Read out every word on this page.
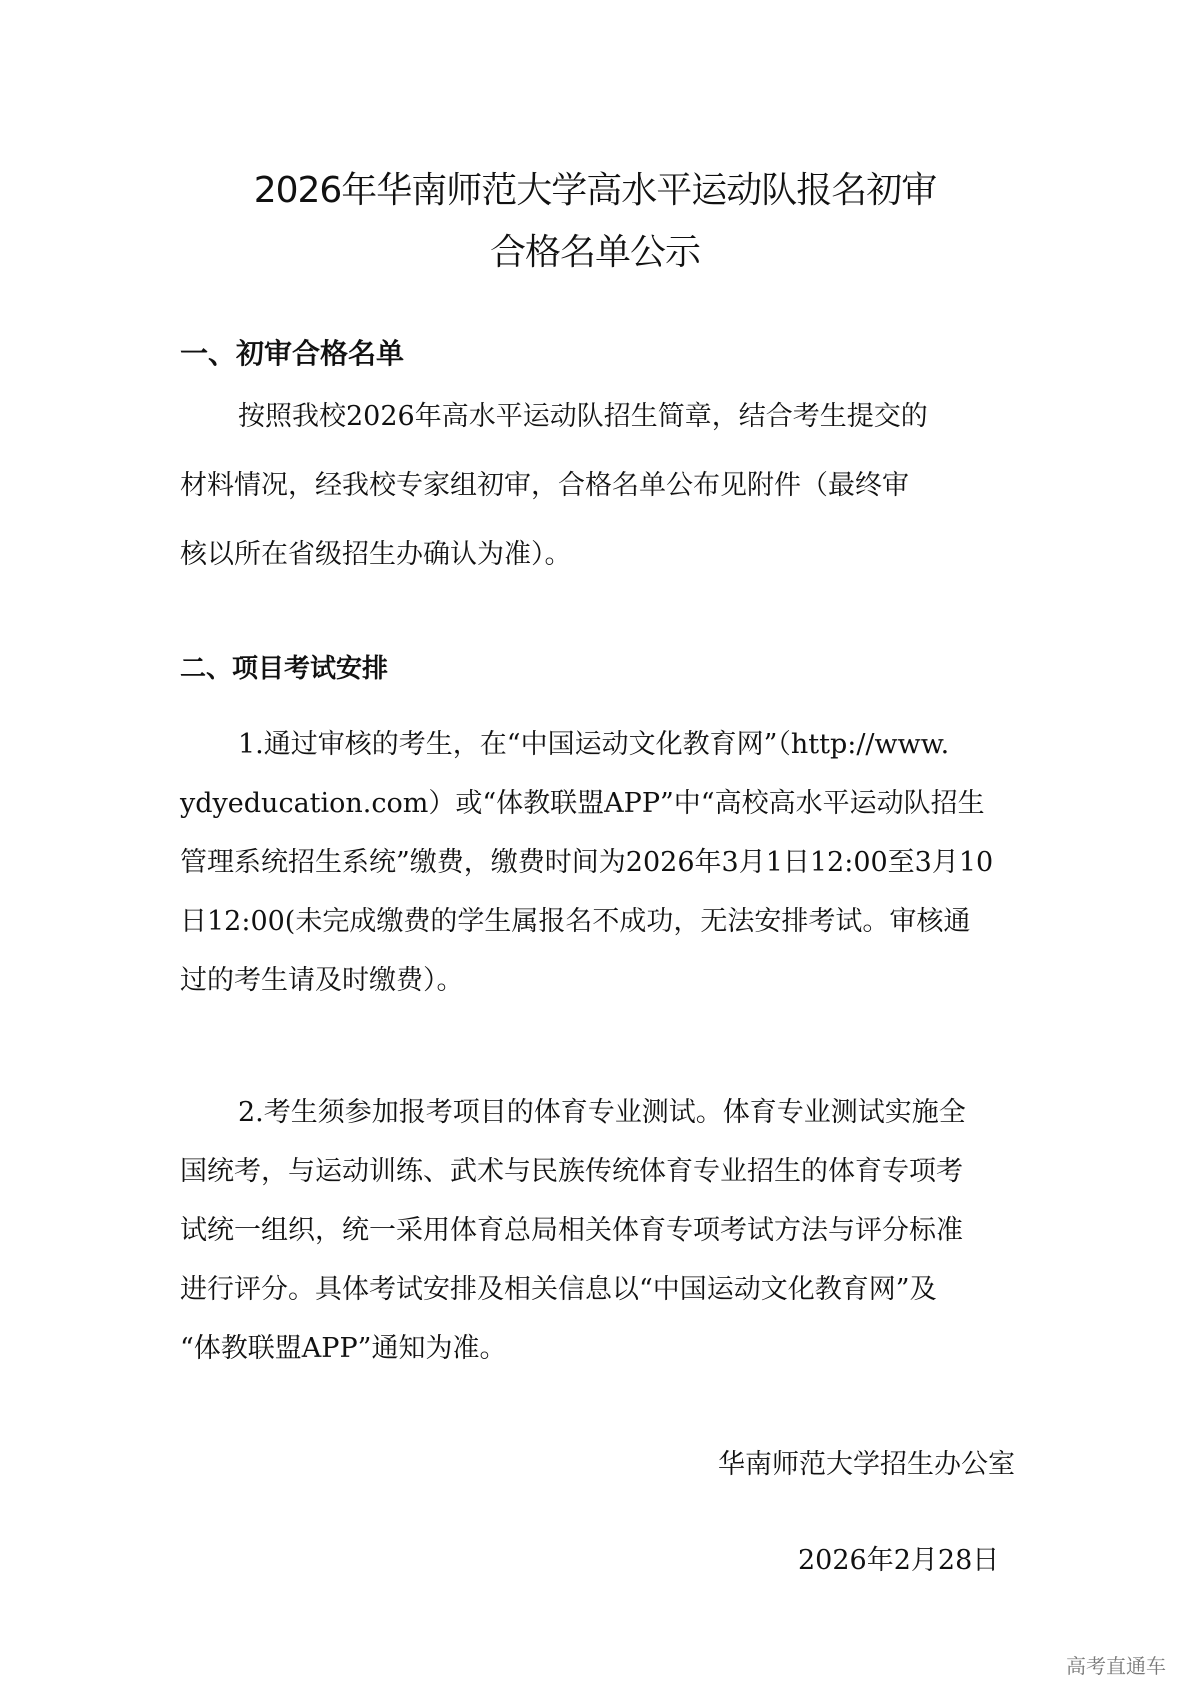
2026年华南师范大学高水平运动队报名初审
合格名单公示
一、初审合格名单
按照我校2026年高水平运动队招生简章，结合考生提交的
材料情况，经我校专家组初审，合格名单公布见附件（最终审
核以所在省级招生办确认为准）。
二、项目考试安排
1.通过审核的考生，在“中国运动文化教育网”（http://www.
ydyeducation.com）或“体教联盟APP”中“高校高水平运动队招生
管理系统招生系统”缴费，缴费时间为2026年3月1日12:00至3月10
日12:00(未完成缴费的学生属报名不成功，无法安排考试。审核通
过的考生请及时缴费）。
2.考生须参加报考项目的体育专业测试。体育专业测试实施全
国统考，与运动训练、武术与民族传统体育专业招生的体育专项考
试统一组织，统一采用体育总局相关体育专项考试方法与评分标准
进行评分。具体考试安排及相关信息以“中国运动文化教育网”及
“体教联盟APP”通知为准。
华南师范大学招生办公室
2026年2月28日
高考直通车
